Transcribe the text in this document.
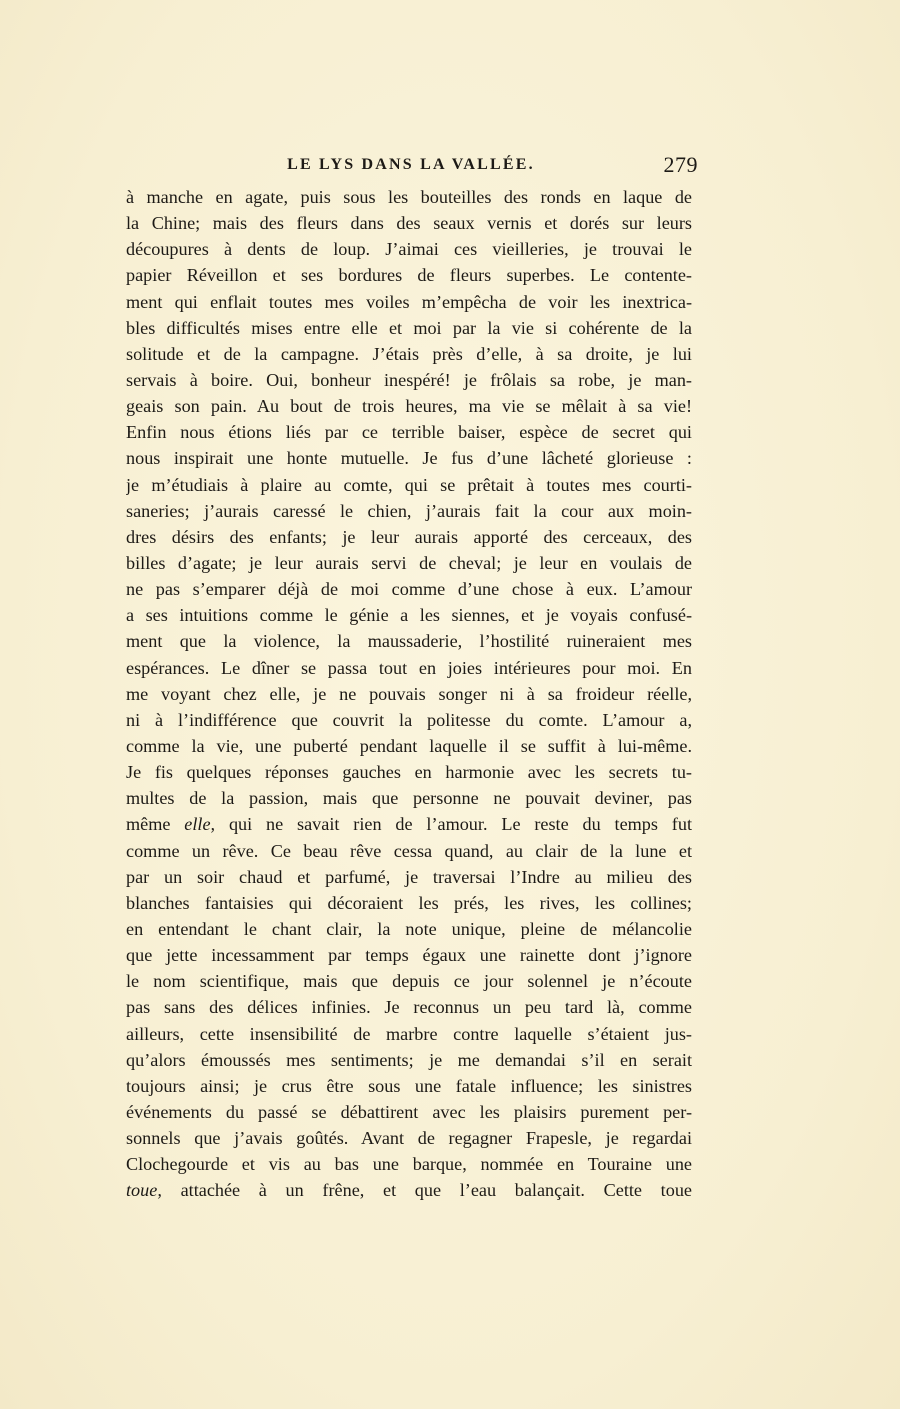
LE LYS DANS LA VALLÉE.	279
à manche en agate, puis sous les bouteilles des ronds en laque de
la Chine; mais des fleurs dans des seaux vernis et dorés sur leurs
découpures à dents de loup. J’aimai ces vieilleries, je trouvai le
papier Réveillon et ses bordures de fleurs superbes. Le contente-
ment qui enflait toutes mes voiles m’empêcha de voir les inextrica-
bles difficultés mises entre elle et moi par la vie si cohérente de la
solitude et de la campagne. J’étais près d’elle, à sa droite, je lui
servais à boire. Oui, bonheur inespéré! je frôlais sa robe, je man-
geais son pain. Au bout de trois heures, ma vie se mêlait à sa vie!
Enfin nous étions liés par ce terrible baiser, espèce de secret qui
nous inspirait une honte mutuelle. Je fus d’une lâcheté glorieuse :
je m’étudiais à plaire au comte, qui se prêtait à toutes mes courti-
saneries; j’aurais caressé le chien, j’aurais fait la cour aux moin-
dres désirs des enfants; je leur aurais apporté des cerceaux, des
billes d’agate; je leur aurais servi de cheval; je leur en voulais de
ne pas s’emparer déjà de moi comme d’une chose à eux. L’amour
a ses intuitions comme le génie a les siennes, et je voyais confusé-
ment que la violence, la maussaderie, l’hostilité ruineraient mes
espérances. Le dîner se passa tout en joies intérieures pour moi. En
me voyant chez elle, je ne pouvais songer ni à sa froideur réelle,
ni à l’indifférence que couvrit la politesse du comte. L’amour a,
comme la vie, une puberté pendant laquelle il se suffit à lui-même.
Je fis quelques réponses gauches en harmonie avec les secrets tu-
multes de la passion, mais que personne ne pouvait deviner, pas
même elle, qui ne savait rien de l’amour. Le reste du temps fut
comme un rêve. Ce beau rêve cessa quand, au clair de la lune et
par un soir chaud et parfumé, je traversai l’Indre au milieu des
blanches fantaisies qui décoraient les prés, les rives, les collines;
en entendant le chant clair, la note unique, pleine de mélancolie
que jette incessamment par temps égaux une rainette dont j’ignore
le nom scientifique, mais que depuis ce jour solennel je n’écoute
pas sans des délices infinies. Je reconnus un peu tard là, comme
ailleurs, cette insensibilité de marbre contre laquelle s’étaient jus-
qu’alors émoussés mes sentiments; je me demandai s’il en serait
toujours ainsi; je crus être sous une fatale influence; les sinistres
événements du passé se débattirent avec les plaisirs purement per-
sonnels que j’avais goûtés. Avant de regagner Frapesle, je regardai
Clochegourde et vis au bas une barque, nommée en Touraine une
toue, attachée à un frêne, et que l’eau balançait. Cette toue
